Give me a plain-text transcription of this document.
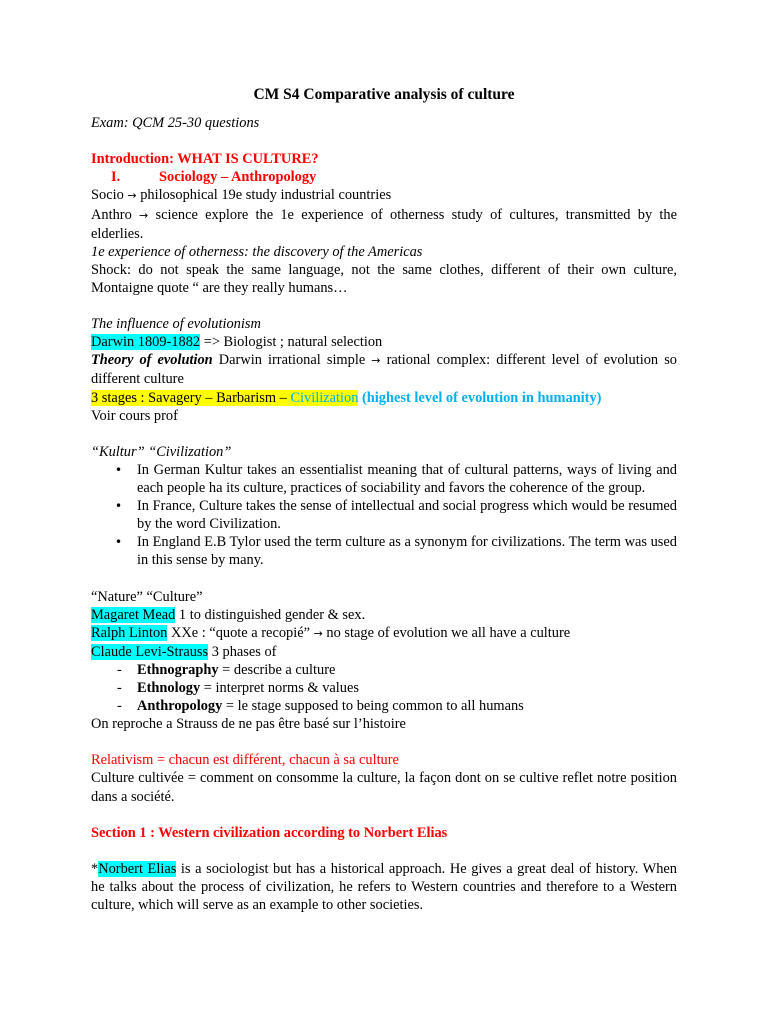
CM S4 Comparative analysis of culture

Exam: QCM 25-30 questions

Introduction: WHAT IS CULTURE?

I.	Sociology – Anthropology

Socio → philosophical 19e study industrial countries

Anthro → science explore the 1e experience of otherness study of cultures, transmitted by the elderlies.

1e experience of otherness: the discovery of the Americas

Shock: do not speak the same language, not the same clothes, different of their own culture, Montaigne quote “ are they really humans…

The influence of evolutionism

Darwin 1809-1882 => Biologist ; natural selection

Theory of evolution Darwin irrational simple → rational complex: different level of evolution so different culture

3 stages : Savagery – Barbarism – Civilization (highest level of evolution in humanity)

Voir cours prof

“Kultur” “Civilization”

• In German Kultur takes an essentialist meaning that of cultural patterns, ways of living and each people ha its culture, practices of sociability and favors the coherence of the group.
• In France, Culture takes the sense of intellectual and social progress which would be resumed by the word Civilization.
• In England E.B Tylor used the term culture as a synonym for civilizations. The term was used in this sense by many.

“Nature” “Culture”

Magaret Mead 1 to distinguished gender & sex.

Ralph Linton XXe : “quote a recopié” → no stage of evolution we all have a culture

Claude Levi-Strauss 3 phases of

- Ethnography = describe a culture
- Ethnology = interpret norms & values
- Anthropology = le stage supposed to being common to all humans

On reproche a Strauss de ne pas être basé sur l’histoire

Relativism = chacun est différent, chacun à sa culture

Culture cultivée = comment on consomme la culture, la façon dont on se cultive reflet notre position dans a société.

Section 1 : Western civilization according to Norbert Elias

*Norbert Elias is a sociologist but has a historical approach. He gives a great deal of history. When he talks about the process of civilization, he refers to Western countries and therefore to a Western culture, which will serve as an example to other societies.
